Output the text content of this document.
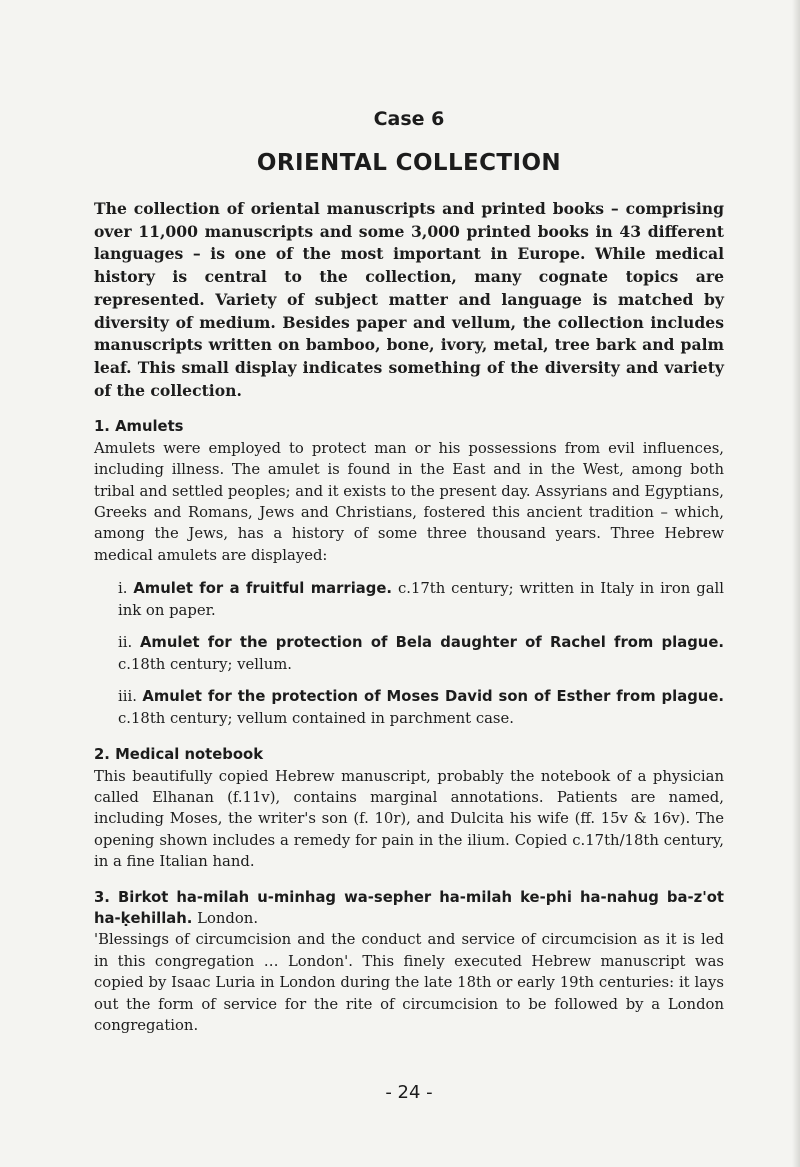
Case 6
ORIENTAL COLLECTION

The collection of oriental manuscripts and printed books – comprising over 11,000 manuscripts and some 3,000 printed books in 43 different languages – is one of the most important in Europe. While medical history is central to the collection, many cognate topics are represented. Variety of subject matter and language is matched by diversity of medium. Besides paper and vellum, the collection includes manuscripts written on bamboo, bone, ivory, metal, tree bark and palm leaf. This small display indicates something of the diversity and variety of the collection.

1. Amulets
Amulets were employed to protect man or his possessions from evil influences, including illness. The amulet is found in the East and in the West, among both tribal and settled peoples; and it exists to the present day. Assyrians and Egyptians, Greeks and Romans, Jews and Christians, fostered this ancient tradition – which, among the Jews, has a history of some three thousand years. Three Hebrew medical amulets are displayed:
i. Amulet for a fruitful marriage. c.17th century; written in Italy in iron gall ink on paper.
ii. Amulet for the protection of Bela daughter of Rachel from plague. c.18th century; vellum.
iii. Amulet for the protection of Moses David son of Esther from plague. c.18th century; vellum contained in parchment case.
2. Medical notebook
This beautifully copied Hebrew manuscript, probably the notebook of a physician called Elhanan (f.11v), contains marginal annotations. Patients are named, including Moses, the writer's son (f. 10r), and Dulcita his wife (ff. 15v & 16v). The opening shown includes a remedy for pain in the ilium. Copied c.17th/18th century, in a fine Italian hand.
3. Birkot ha-milah u-minhag wa-sepher ha-milah ke-phi ha-nahug ba-z'ot ha-ḳehillah. London.
'Blessings of circumcision and the conduct and service of circumcision as it is led in this congregation … London'. This finely executed Hebrew manuscript was copied by Isaac Luria in London during the late 18th or early 19th centuries: it lays out the form of service for the rite of circumcision to be followed by a London congregation.
- 24 -
